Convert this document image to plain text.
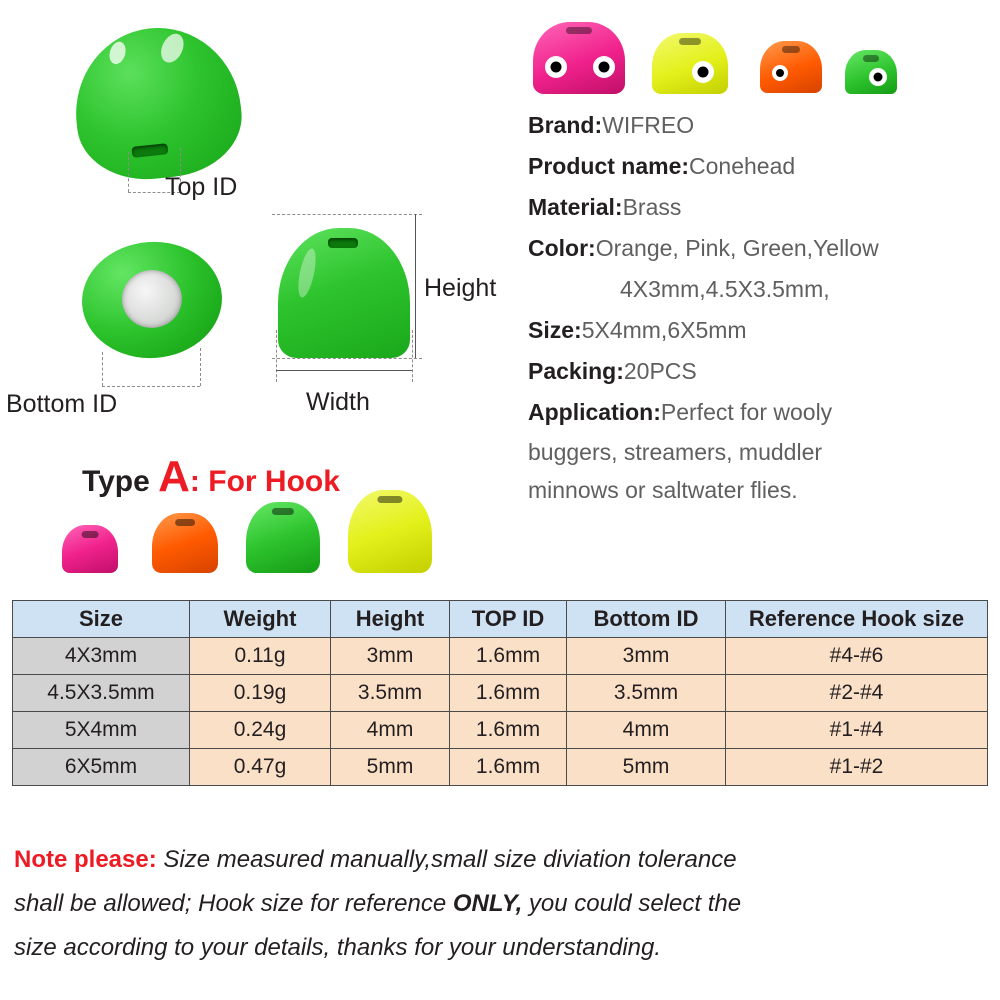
Top ID
Bottom ID
Height
Width
Type A: For Hook
Brand:WIFREO
Product name:Conehead
Material:Brass
Color:Orange, Pink, Green,Yellow
4X3mm,4.5X3.5mm,
Size:5X4mm,6X5mm
Packing:20PCS
Application:Perfect for wooly
buggers, streamers, muddler
minnows or saltwater flies.
Size	Weight	Height	TOP ID	Bottom ID	Reference Hook size
4X3mm	0.11g	3mm	1.6mm	3mm	#4-#6
4.5X3.5mm	0.19g	3.5mm	1.6mm	3.5mm	#2-#4
5X4mm	0.24g	4mm	1.6mm	4mm	#1-#4
6X5mm	0.47g	5mm	1.6mm	5mm	#1-#2
Note please: Size measured manually,small size diviation tolerance
shall be allowed; Hook size for reference ONLY, you could select the
size according to your details, thanks for your understanding.
